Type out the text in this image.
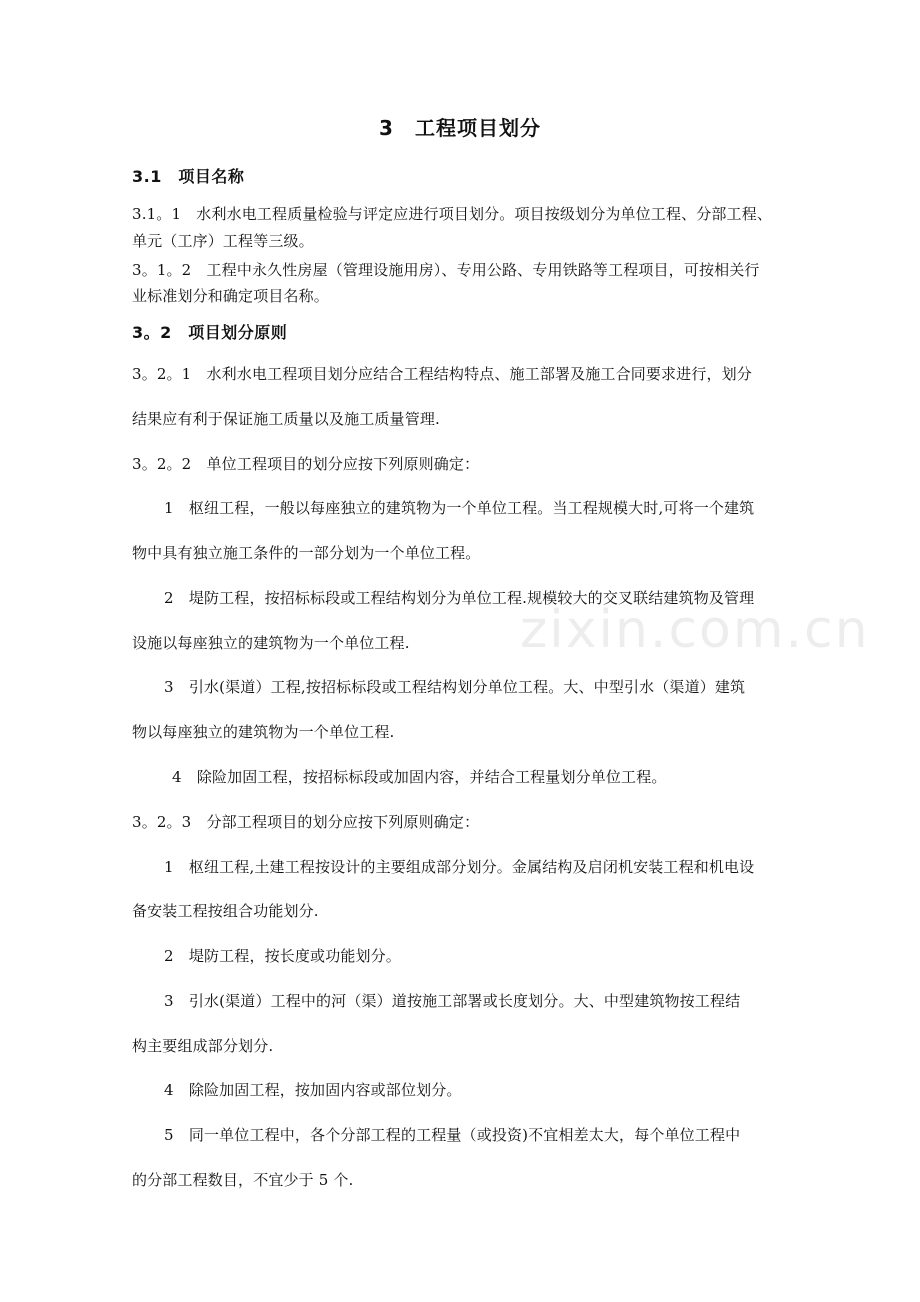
zixin.com.cn
3　工程项目划分
3.1　项目名称
3.1。1　水利水电工程质量检验与评定应进行项目划分。项目按级划分为单位工程、分部工程、
单元（工序）工程等三级。
3。1。2　工程中永久性房屋（管理设施用房）、专用公路、专用铁路等工程项目，可按相关行
业标准划分和确定项目名称。
3。2　项目划分原则
3。2。1　水利水电工程项目划分应结合工程结构特点、施工部署及施工合同要求进行，划分
结果应有利于保证施工质量以及施工质量管理.
3。2。2　单位工程项目的划分应按下列原则确定：
1　枢纽工程，一般以每座独立的建筑物为一个单位工程。当工程规模大时,可将一个建筑
物中具有独立施工条件的一部分划为一个单位工程。
2　堤防工程，按招标标段或工程结构划分为单位工程.规模较大的交叉联结建筑物及管理
设施以每座独立的建筑物为一个单位工程.
3　引水(渠道）工程,按招标标段或工程结构划分单位工程。大、中型引水（渠道）建筑
物以每座独立的建筑物为一个单位工程.
4　除险加固工程，按招标标段或加固内容，并结合工程量划分单位工程。
3。2。3　分部工程项目的划分应按下列原则确定：
1　枢纽工程,土建工程按设计的主要组成部分划分。金属结构及启闭机安装工程和机电设
备安装工程按组合功能划分.
2　堤防工程，按长度或功能划分。
3　引水(渠道）工程中的河（渠）道按施工部署或长度划分。大、中型建筑物按工程结
构主要组成部分划分.
4　除险加固工程，按加固内容或部位划分。
5　同一单位工程中，各个分部工程的工程量（或投资)不宜相差太大，每个单位工程中
的分部工程数目，不宜少于 5 个.
